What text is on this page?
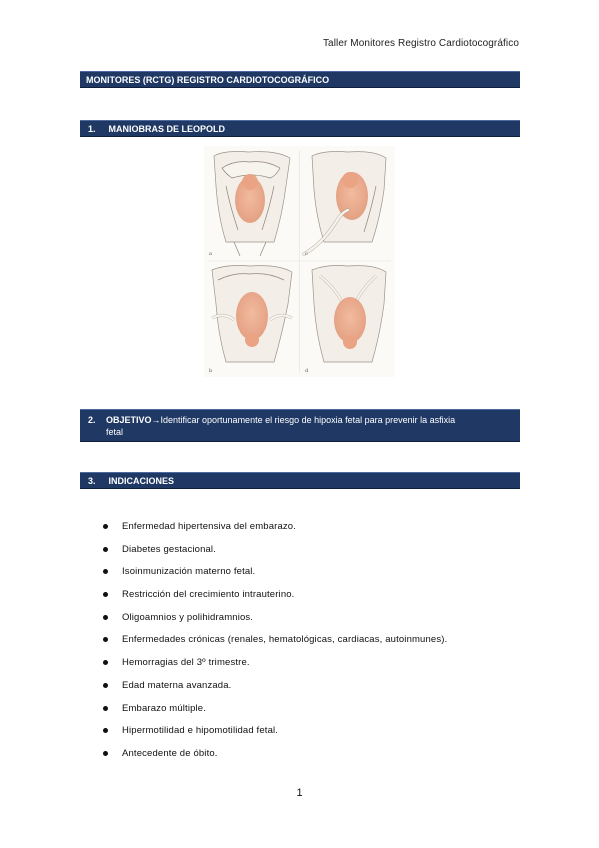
Taller Monitores Registro Cardiotocográfico
MONITORES (RCTG) REGISTRO CARDIOTOCOGRÁFICO
1. MANIOBRAS DE LEOPOLD
a	c
b	d
2.	OBJETIVO → Identificar oportunamente el riesgo de hipoxia fetal para prevenir la asfixia
fetal
3. INDICACIONES
Enfermedad hipertensiva del embarazo.
Diabetes gestacional.
Isoinmunización materno fetal.
Restricción del crecimiento intrauterino.
Oligoamnios y polihidramnios.
Enfermedades crónicas (renales, hematológicas, cardiacas, autoinmunes).
Hemorragias del 3º trimestre.
Edad materna avanzada.
Embarazo múltiple.
Hipermotilidad e hipomotilidad fetal.
Antecedente de óbito.
1
